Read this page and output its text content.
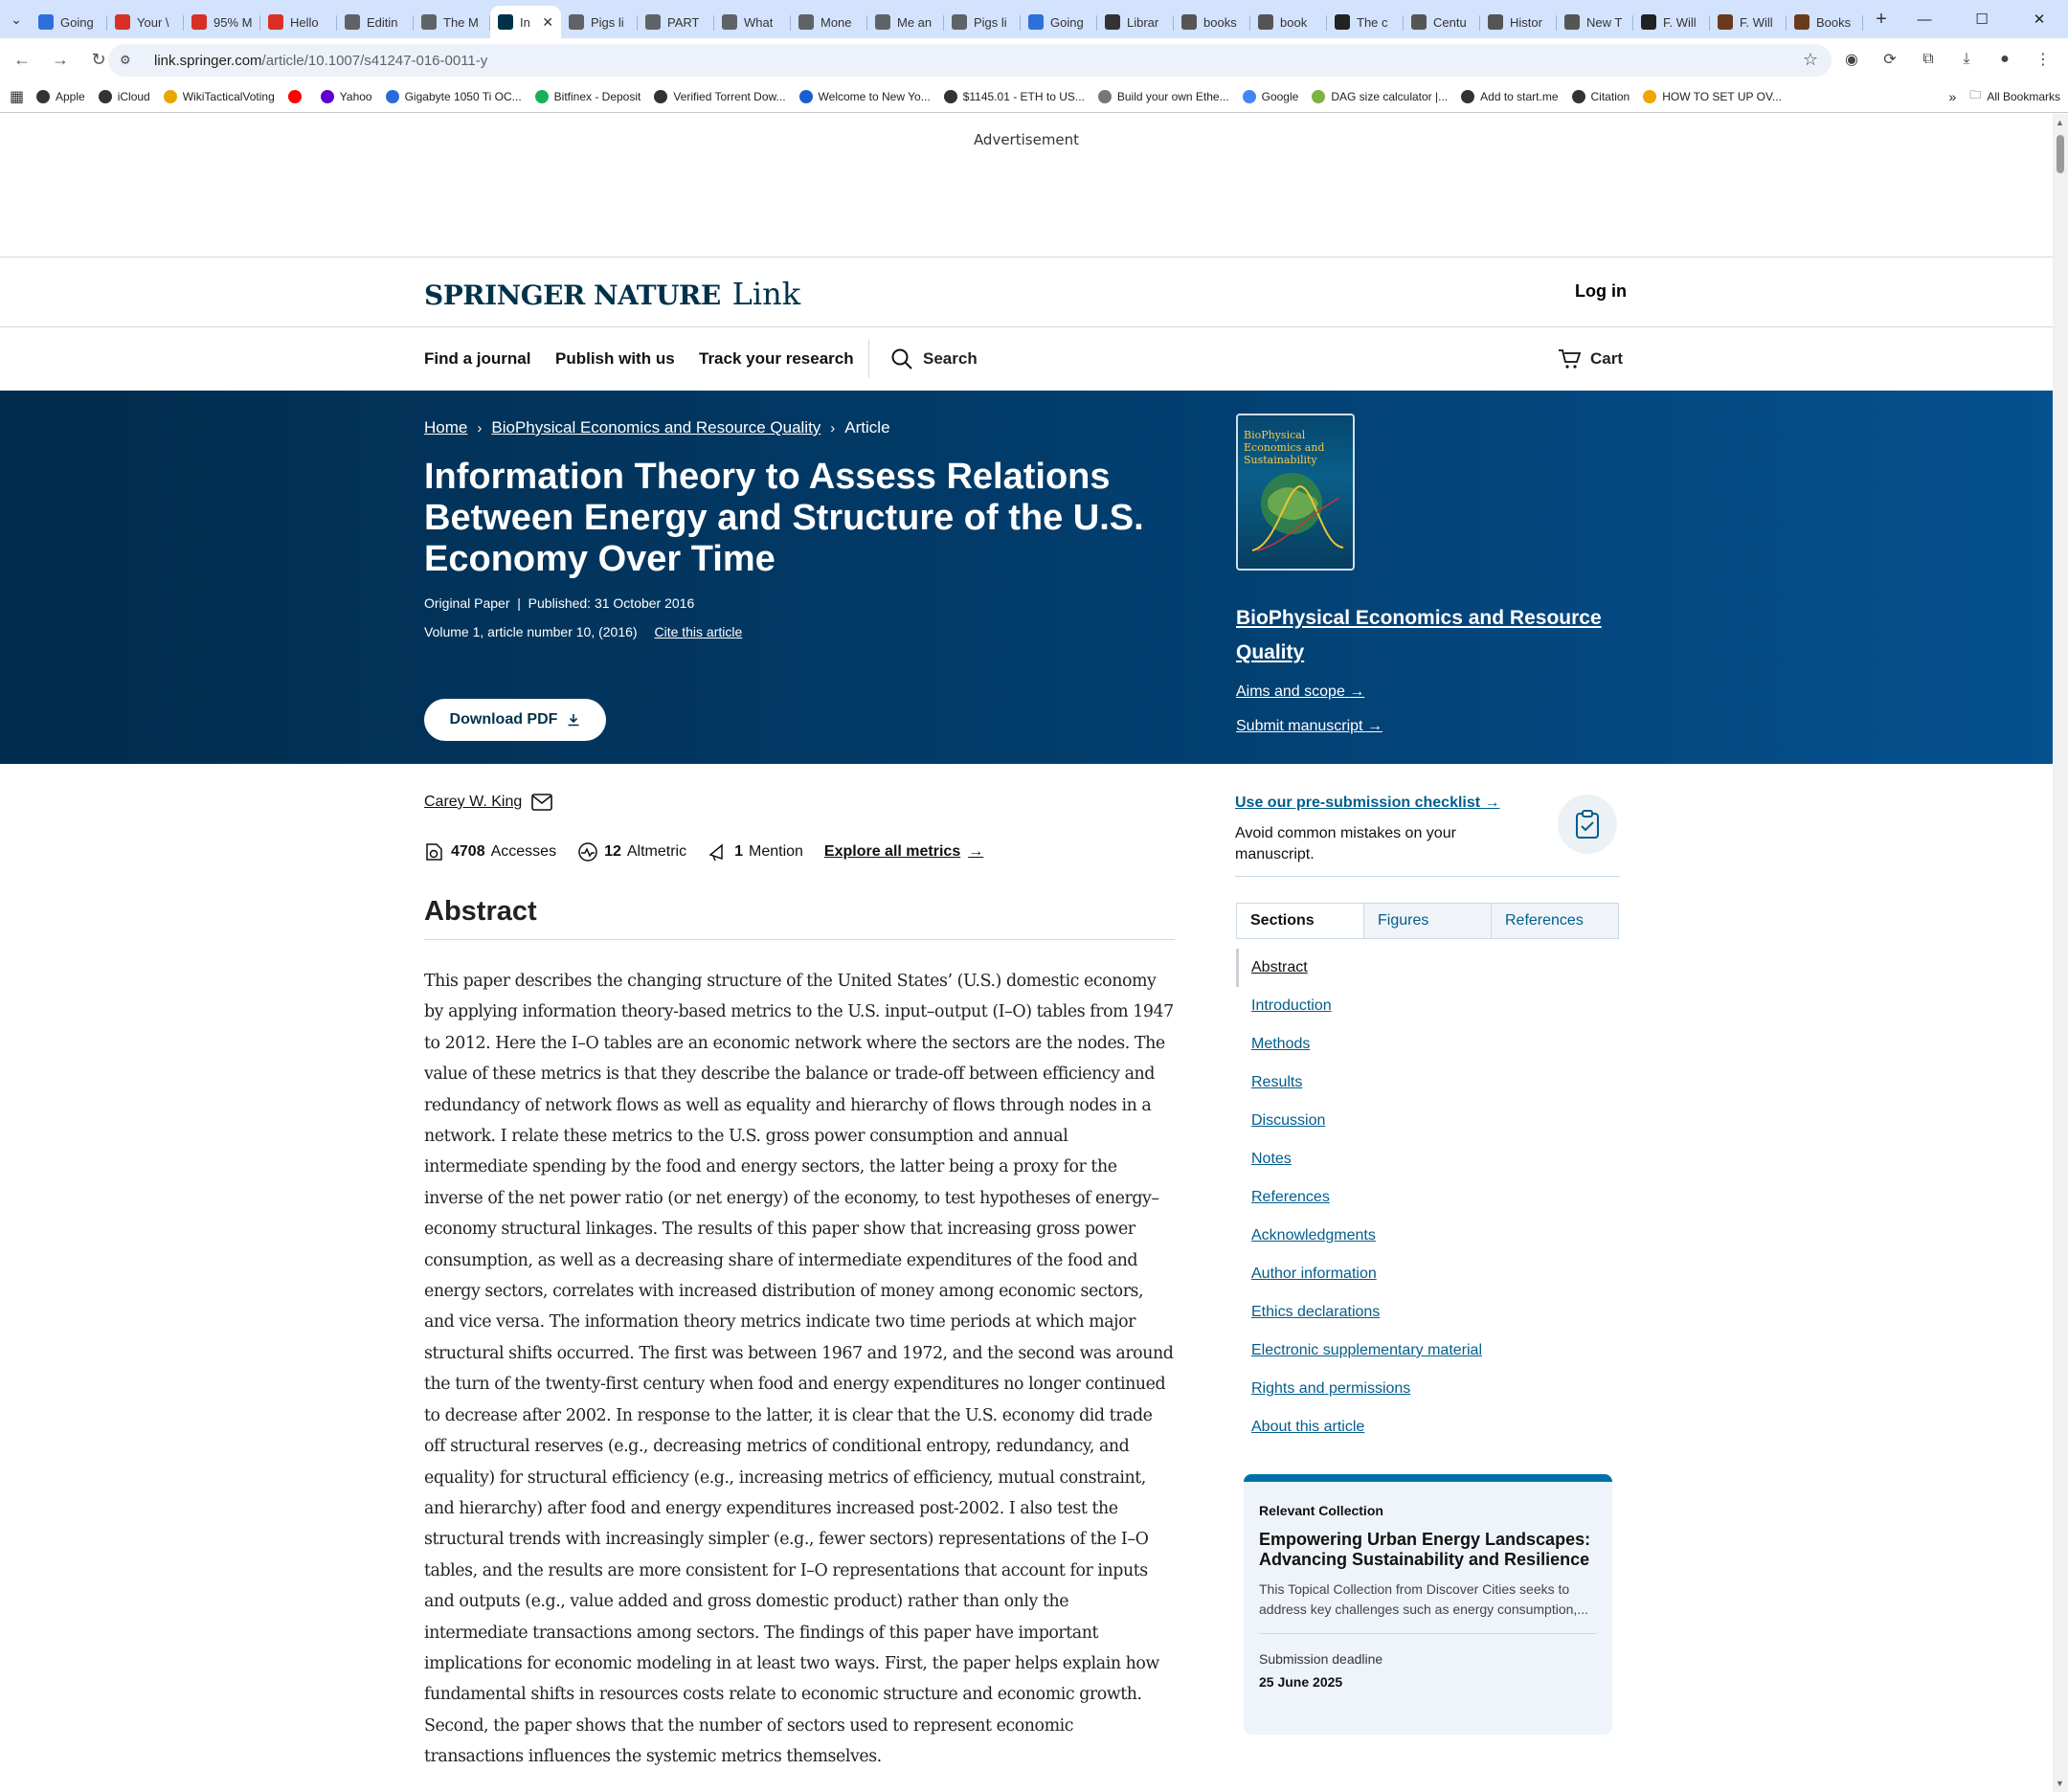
⌄	Going	Your \	95% M	Hello	Editin	The M	In ✕	Pigs li	PART	What	Mone	Me an	Pigs li	Going	Librar	books	book	The c	Centu	Histor	New T	F. Will	F. Will	Books	+	—	☐	✕
← → ↻ ⚙	link.springer.com /article/10.1007/s41247-016-0011-y	☆	◉	⟳	⧉	⤓	●	⋮
▦	Apple	iCloud	WikiTacticalVoting	Yahoo	Gigabyte 1050 Ti OC...	Bitfinex - Deposit	Verified Torrent Dow...	Welcome to New Yo...	$1145.01 - ETH to US...	Build your own Ethe...	Google	DAG size calculator |...	Add to start.me	Citation	HOW TO SET UP OV...	» 🗀 All Bookmarks
Advertisement
SPRINGER NATURE Link	Log in
Find a journal Publish with us Track your research	Search	Cart
Home › BioPhysical Economics and Resource Quality › Article
Information Theory to Assess Relations Between Energy and Structure of the U.S. Economy Over Time
Original Paper  |  Published: 31 October 2016
Volume 1, article number 10, (2016) Cite this article
Download PDF
BioPhysical Economics and Sustainability
BioPhysical Economics and Resource Quality
Aims and scope →
Submit manuscript →
Carey W. King
4708 Accesses	12 Altmetric	1 Mention Explore all metrics →
Abstract

This paper describes the changing structure of the United States’ (U.S.) domestic economy by applying information theory-based metrics to the U.S. input–output (I–O) tables from 1947 to 2012. Here the I–O tables are an economic network where the sectors are the nodes. The value of these metrics is that they describe the balance or trade-off between efficiency and redundancy of network flows as well as equality and hierarchy of flows through nodes in a network. I relate these metrics to the U.S. gross power consumption and annual intermediate spending by the food and energy sectors, the latter being a proxy for the inverse of the net power ratio (or net energy) of the economy, to test hypotheses of energy–economy structural linkages. The results of this paper show that increasing gross power consumption, as well as a decreasing share of intermediate expenditures of the food and energy sectors, correlates with increased distribution of money among economic sectors, and vice versa. The information theory metrics indicate two time periods at which major structural shifts occurred. The first was between 1967 and 1972, and the second was around the turn of the twenty-first century when food and energy expenditures no longer continued to decrease after 2002. In response to the latter, it is clear that the U.S. economy did trade off structural reserves (e.g., decreasing metrics of conditional entropy, redundancy, and equality) for structural efficiency (e.g., increasing metrics of efficiency, mutual constraint, and hierarchy) after food and energy expenditures increased post-2002. I also test the structural trends with increasingly simpler (e.g., fewer sectors) representations of the I–O tables, and the results are more consistent for I–O representations that account for inputs and outputs (e.g., value added and gross domestic product) rather than only the intermediate transactions among sectors. The findings of this paper have important implications for economic modeling in at least two ways. First, the paper helps explain how fundamental shifts in resources costs relate to economic structure and economic growth. Second, the paper shows that the number of sectors used to represent economic transactions influences the systemic metrics themselves.

Use our pre-submission checklist →
Avoid common mistakes on your manuscript.
Sections	Figures	References
Abstract
Introduction
Methods
Results
Discussion
Notes
References
Acknowledgments
Author information
Ethics declarations
Electronic supplementary material
Rights and permissions
About this article
Relevant Collection
Empowering Urban Energy Landscapes: Advancing Sustainability and Resilience
This Topical Collection from Discover Cities seeks to address key challenges such as energy consumption,...
Submission deadline
25 June 2025
▲
▼
